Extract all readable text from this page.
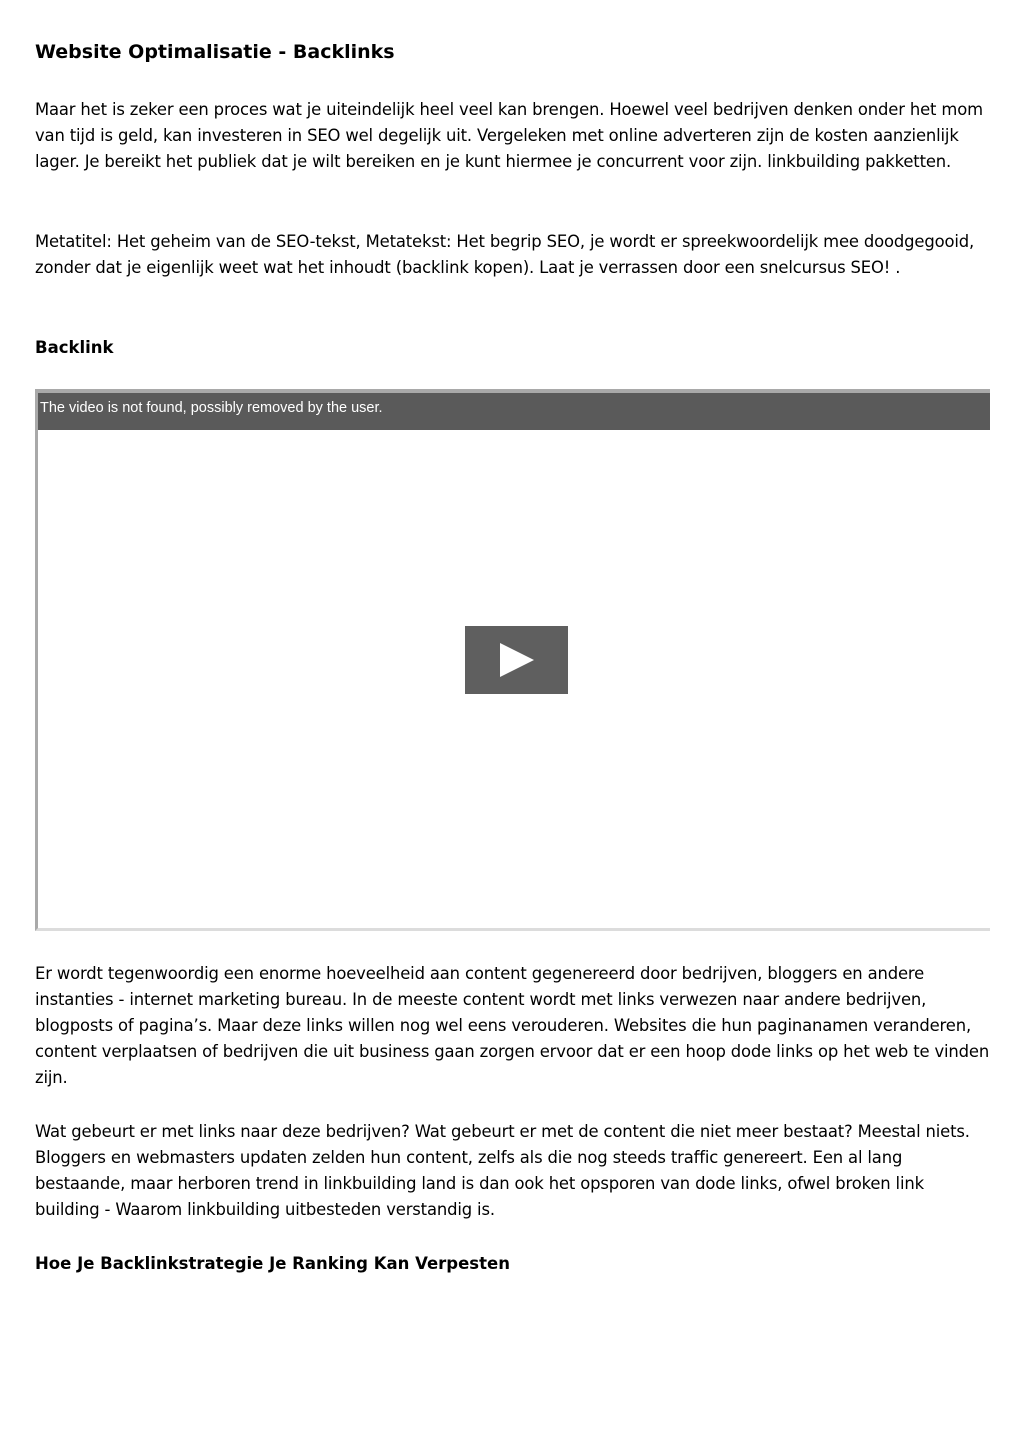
Website Optimalisatie - Backlinks

Maar het is zeker een proces wat je uiteindelijk heel veel kan brengen. Hoewel veel bedrijven denken onder het mom van tijd is geld, kan investeren in SEO wel degelijk uit. Vergeleken met online adverteren zijn de kosten aanzienlijk lager. Je bereikt het publiek dat je wilt bereiken en je kunt hiermee je concurrent voor zijn. linkbuilding pakketten.

Metatitel: Het geheim van de SEO-tekst, Metatekst: Het begrip SEO, je wordt er spreekwoordelijk mee doodgegooid, zonder dat je eigenlijk weet wat het inhoudt (backlink kopen). Laat je verrassen door een snelcursus SEO! .

Backlink
The video is not found, possibly removed by the user.

Er wordt tegenwoordig een enorme hoeveelheid aan content gegenereerd door bedrijven, bloggers en andere instanties - internet marketing bureau. In de meeste content wordt met links verwezen naar andere bedrijven, blogposts of pagina’s. Maar deze links willen nog wel eens verouderen. Websites die hun paginanamen veranderen, content verplaatsen of bedrijven die uit business gaan zorgen ervoor dat er een hoop dode links op het web te vinden zijn.

Wat gebeurt er met links naar deze bedrijven? Wat gebeurt er met de content die niet meer bestaat? Meestal niets. Bloggers en webmasters updaten zelden hun content, zelfs als die nog steeds traffic genereert. Een al lang bestaande, maar herboren trend in linkbuilding land is dan ook het opsporen van dode links, ofwel broken link building - Waarom linkbuilding uitbesteden verstandig is.

Hoe Je Backlinkstrategie Je Ranking Kan Verpesten
